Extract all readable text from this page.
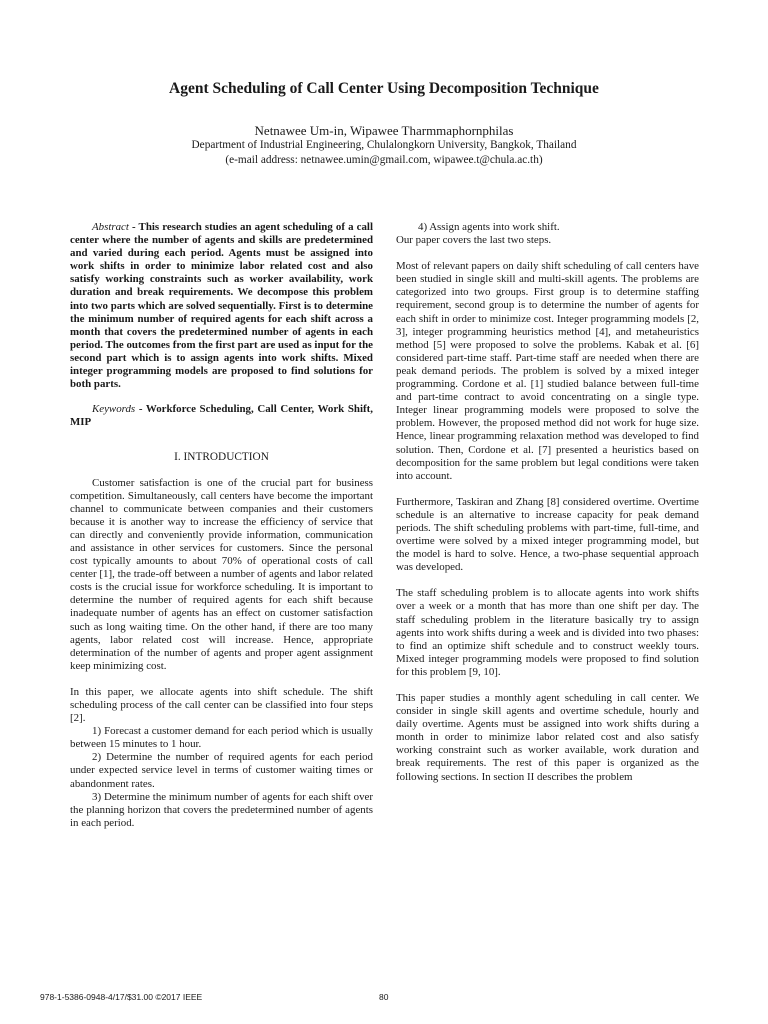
Agent Scheduling of Call Center Using Decomposition Technique

Netnawee Um-in, Wipawee Tharmmaphornphilas

Department of Industrial Engineering, Chulalongkorn University, Bangkok, Thailand

(e-mail address: netnawee.umin@gmail.com, wipawee.t@chula.ac.th)

Abstract - This research studies an agent scheduling of a call center where the number of agents and skills are predetermined and varied during each period. Agents must be assigned into work shifts in order to minimize labor related cost and also satisfy working constraints such as worker availability, work duration and break requirements. We decompose this problem into two parts which are solved sequentially. First is to determine the minimum number of required agents for each shift across a month that covers the predetermined number of agents in each period. The outcomes from the first part are used as input for the second part which is to assign agents into work shifts. Mixed integer programming models are proposed to find solutions for both parts.

Keywords - Workforce Scheduling, Call Center, Work Shift, MIP

I. INTRODUCTION

Customer satisfaction is one of the crucial part for business competition. Simultaneously, call centers have become the important channel to communicate between companies and their customers because it is another way to increase the efficiency of service that can directly and conveniently provide information, communication and assistance in other services for customers. Since the personal cost typically amounts to about 70% of operational costs of call center [1], the trade-off between a number of agents and labor related costs is the crucial issue for workforce scheduling. It is important to determine the number of required agents for each shift because inadequate number of agents has an effect on customer satisfaction such as long waiting time. On the other hand, if there are too many agents, labor related cost will increase. Hence, appropriate determination of the number of agents and proper agent assignment keep minimizing cost.

In this paper, we allocate agents into shift schedule. The shift scheduling process of the call center can be classified into four steps [2].

1) Forecast a customer demand for each period which is usually between 15 minutes to 1 hour.

2) Determine the number of required agents for each period under expected service level in terms of customer waiting times or abandonment rates.

3) Determine the minimum number of agents for each shift over the planning horizon that covers the predetermined number of agents in each period.

4) Assign agents into work shift.

Our paper covers the last two steps.

Most of relevant papers on daily shift scheduling of call centers have been studied in single skill and multi-skill agents. The problems are categorized into two groups. First group is to determine staffing requirement, second group is to determine the number of agents for each shift in order to minimize cost. Integer programming models [2, 3], integer programming heuristics method [4], and metaheuristics method [5] were proposed to solve the problems. Kabak et al. [6] considered part-time staff. Part-time staff are needed when there are peak demand periods. The problem is solved by a mixed integer programming. Cordone et al. [1] studied balance between full-time and part-time contract to avoid concentrating on a single type. Integer linear programming models were proposed to solve the problem. However, the proposed method did not work for huge size. Hence, linear programming relaxation method was developed to find solution. Then, Cordone et al. [7] presented a heuristics based on decomposition for the same problem but legal conditions were taken into account.

Furthermore, Taskiran and Zhang [8] considered overtime. Overtime schedule is an alternative to increase capacity for peak demand periods. The shift scheduling problems with part-time, full-time, and overtime were solved by a mixed integer programming model, but the model is hard to solve. Hence, a two-phase sequential approach was developed.

The staff scheduling problem is to allocate agents into work shifts over a week or a month that has more than one shift per day. The staff scheduling problem in the literature basically try to assign agents into work shifts during a week and is divided into two phases: to find an optimize shift schedule and to construct weekly tours. Mixed integer programming models were proposed to find solution for this problem [9, 10].

This paper studies a monthly agent scheduling in call center. We consider in single skill agents and overtime schedule, hourly and daily overtime. Agents must be assigned into work shifts during a month in order to minimize labor related cost and also satisfy working constraint such as worker available, work duration and break requirements. The rest of this paper is organized as the following sections. In section II describes the problem

978-1-5386-0948-4/17/$31.00 ©2017 IEEE	80
